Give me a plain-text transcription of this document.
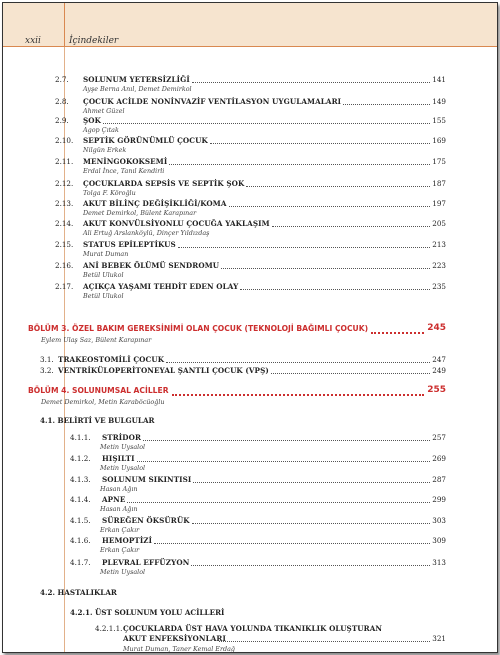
xxii	İçindekiler
2.7. SOLUNUM YETERSİZLİĞİ	141
Ayşe Berna Anıl, Demet Demirkol
2.8. ÇOCUK ACİLDE NONİNVAZİF VENTİLASYON UYGULAMALARI	149
Ahmet Güzel
2.9. ŞOK	155
Agop Çıtak
2.10. SEPTİK GÖRÜNÜMLÜ ÇOCUK	169
Nilgün Erkek
2.11. MENİNGOKOKSEMİ	175
Erdal İnce, Tanıl Kendirli
2.12. ÇOCUKLARDA SEPSİS VE SEPTİK ŞOK	187
Tolga F. Köroğlu
2.13. AKUT BİLİNÇ DEĞİŞİKLİĞİ/KOMA	197
Demet Demirkol, Bülent Karapınar
2.14. AKUT KONVÜLSİYONLU ÇOCUĞA YAKLAŞIM	205
Ali Ertuğ Arslanköylü, Dinçer Yıldızdaş
2.15. STATUS EPİLEPTİKUS	213
Murat Duman
2.16. ANİ BEBEK ÖLÜMÜ SENDROMU	223
Betül Ulukol
2.17. AÇIKÇA YAŞAMI TEHDİT EDEN OLAY	235
Betül Ulukol
BÖLÜM 3. ÖZEL BAKIM GEREKSİNİMİ OLAN ÇOCUK (TEKNOLOJİ BAĞIMLI ÇOCUK)	245
Eylem Ulaş Saz, Bülent Karapınar
3.1. TRAKEOSTOMİLİ ÇOCUK	247
3.2. VENTRİKÜLOPERİTONEYAL ŞANTLI ÇOCUK (VPŞ)	249
BÖLÜM 4. SOLUNUMSAL ACİLLER	255
Demet Demirkol, Metin Karaböcüoğlu
4.1. BELİRTİ VE BULGULAR
4.1.1. STRİDOR	257
Metin Uysalol
4.1.2. HIŞILTI	269
Metin Uysalol
4.1.3. SOLUNUM SIKINTISI	287
Hasan Ağın
4.1.4. APNE	299
Hasan Ağın
4.1.5. SÜREĞEN ÖKSÜRÜK	303
Erkan Çakır
4.1.6. HEMOPTİZİ	309
Erkan Çakır
4.1.7. PLEVRAL EFFÜZYON	313
Metin Uysalol
4.2. HASTALIKLAR
4.2.1. ÜST SOLUNUM YOLU ACİLLERİ
4.2.1.1. ÇOCUKLARDA ÜST HAVA YOLUNDA TIKANIKLIK OLUŞTURAN
AKUT ENFEKSİYONLARI	321
Murat Duman, Taner Kemal Erdağ
